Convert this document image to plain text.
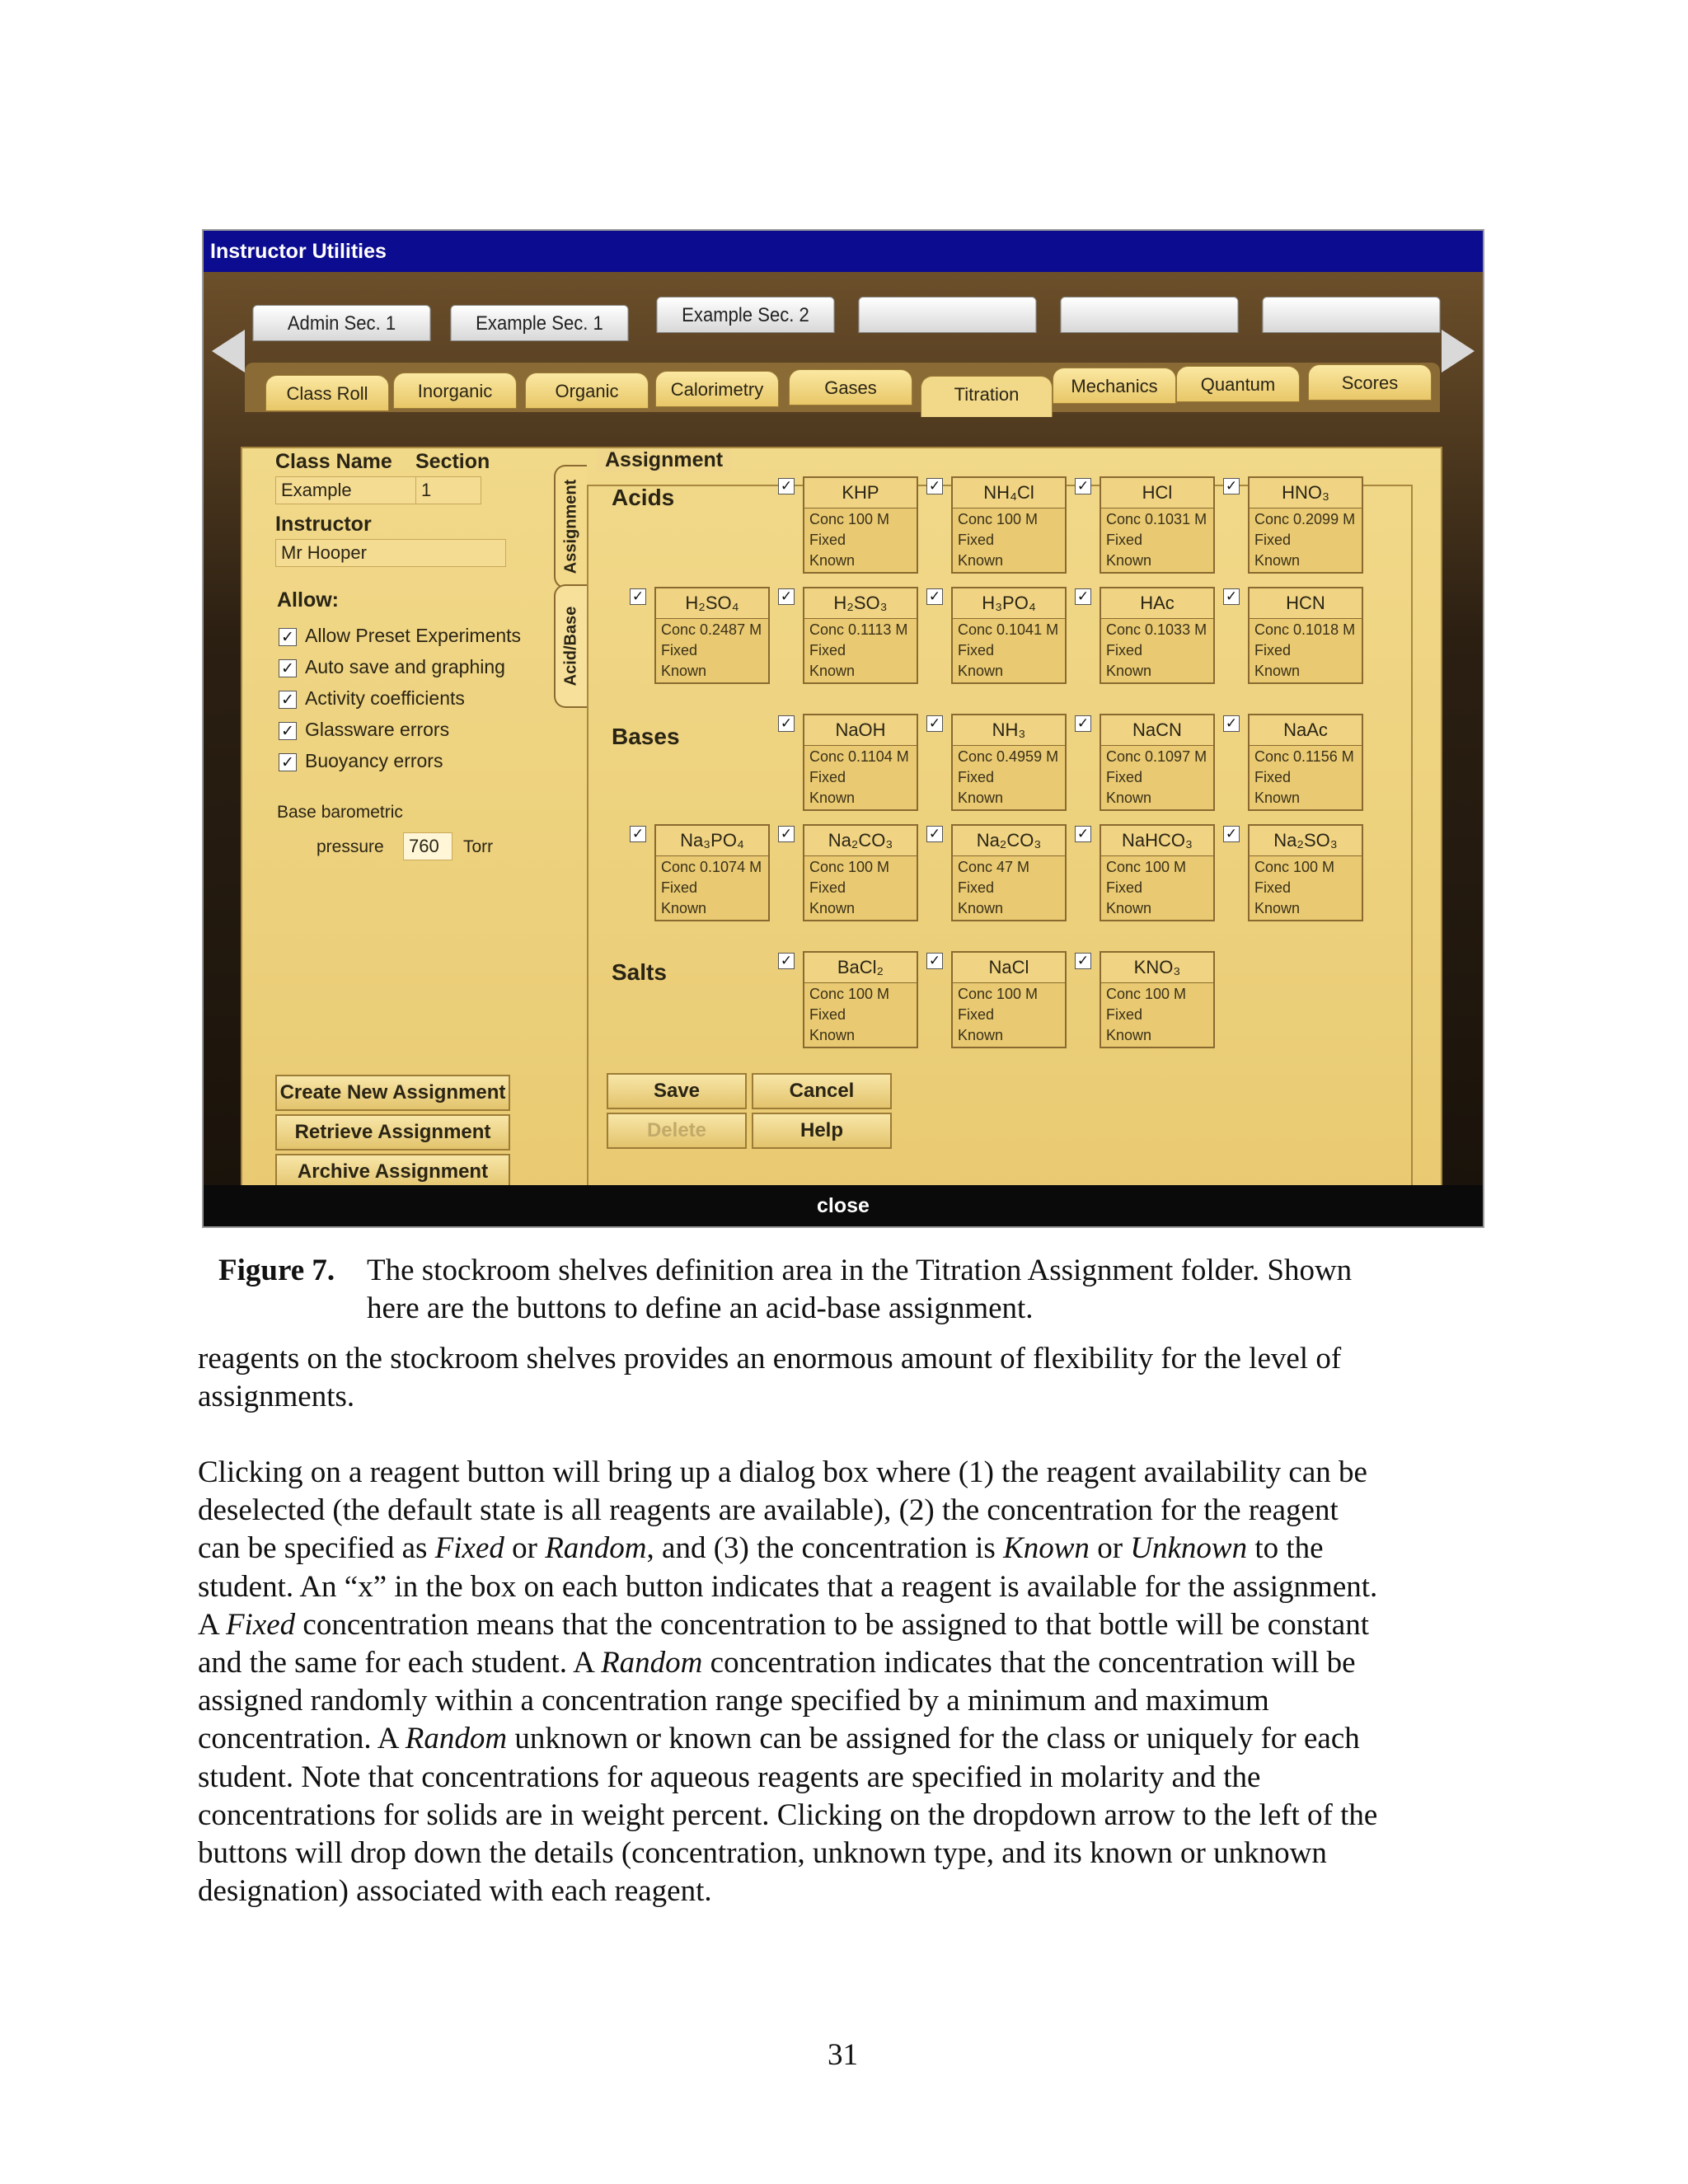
Instructor Utilities
Admin Sec. 1	Example Sec. 1	Example Sec. 2
Class Roll	Inorganic	Organic	Calorimetry	Gases	Titration	Mechanics	Quantum	Scores
Class Name Section
Example	1
Instructor
Mr Hooper
Allow:
✓ Allow Preset Experiments
✓ Auto save and graphing
✓ Activity coefficients
✓ Glassware errors
✓ Buoyancy errors
Base barometric
pressure	760	Torr
Create New Assignment
Retrieve Assignment
Archive Assignment
Assignment
Acid/Base
Assignment
Acids
Bases
Salts
✓	KHP
Conc 100 M
Fixed
Known
✓	NH₄Cl
Conc 100 M
Fixed
Known
✓	HCl
Conc 0.1031 M
Fixed
Known
✓	HNO₃
Conc 0.2099 M
Fixed
Known
✓	H₂SO₄
Conc 0.2487 M
Fixed
Known
✓	H₂SO₃
Conc 0.1113 M
Fixed
Known
✓	H₃PO₄
Conc 0.1041 M
Fixed
Known
✓	HAc
Conc 0.1033 M
Fixed
Known
✓	HCN
Conc 0.1018 M
Fixed
Known
✓	NaOH
Conc 0.1104 M
Fixed
Known
✓	NH₃
Conc 0.4959 M
Fixed
Known
✓	NaCN
Conc 0.1097 M
Fixed
Known
✓	NaAc
Conc 0.1156 M
Fixed
Known
✓	Na₃PO₄
Conc 0.1074 M
Fixed
Known
✓	Na₂CO₃
Conc 100 M
Fixed
Known
✓	Na₂CO₃
Conc 47 M
Fixed
Known
✓	NaHCO₃
Conc 100 M
Fixed
Known
✓	Na₂SO₃
Conc 100 M
Fixed
Known
✓	BaCl₂
Conc 100 M
Fixed
Known
✓	NaCl
Conc 100 M
Fixed
Known
✓	KNO₃
Conc 100 M
Fixed
Known
Save	Cancel
Delete	Help
close
Figure 7. The stockroom shelves definition area in the Titration Assignment folder. Shown
here are the buttons to define an acid-base assignment.
reagents on the stockroom shelves provides an enormous amount of flexibility for the level of
assignments.
Clicking on a reagent button will bring up a dialog box where (1) the reagent availability can be
deselected (the default state is all reagents are available), (2) the concentration for the reagent
can be specified as Fixed or Random, and (3) the concentration is Known or Unknown to the
student. An “x” in the box on each button indicates that a reagent is available for the assignment.
A Fixed concentration means that the concentration to be assigned to that bottle will be constant
and the same for each student. A Random concentration indicates that the concentration will be
assigned randomly within a concentration range specified by a minimum and maximum
concentration. A Random unknown or known can be assigned for the class or uniquely for each
student. Note that concentrations for aqueous reagents are specified in molarity and the
concentrations for solids are in weight percent. Clicking on the dropdown arrow to the left of the
buttons will drop down the details (concentration, unknown type, and its known or unknown
designation) associated with each reagent.
31
